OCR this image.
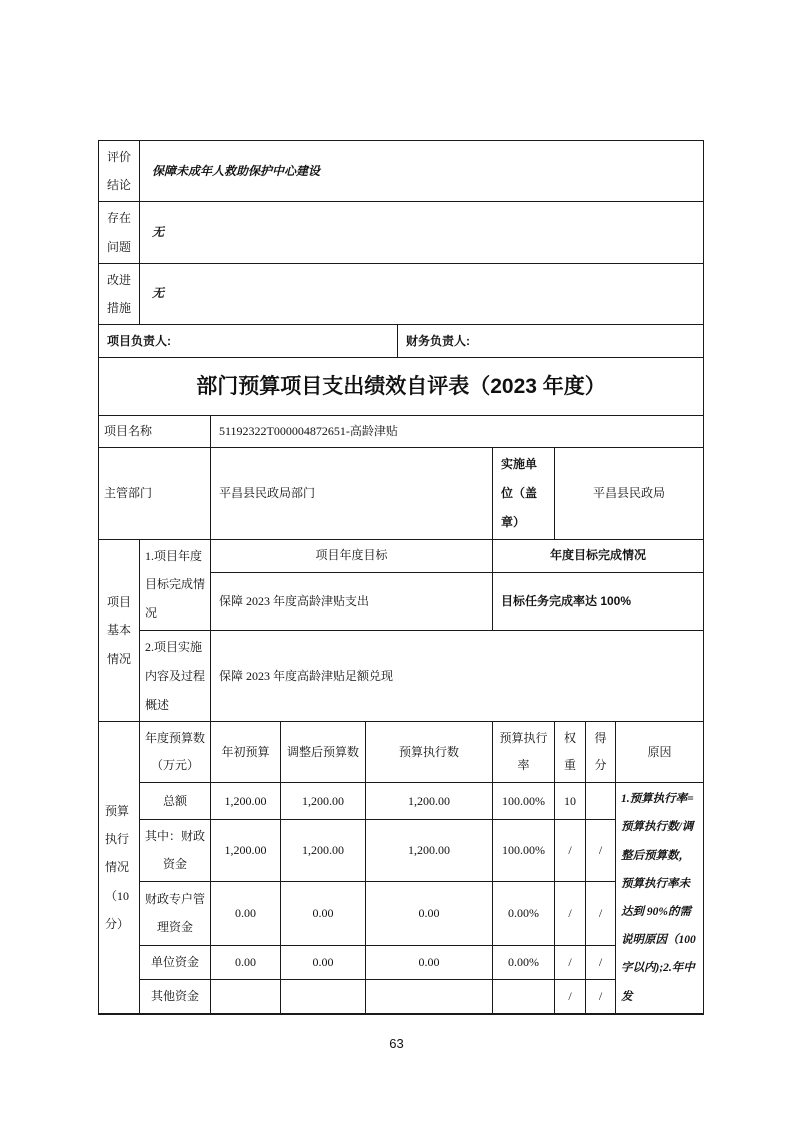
评价结论	保障未成年人救助保护中心建设	
存在问题	无	
改进措施	无	
项目负责人:		财务负责人:
部门预算项目支出绩效自评表（2023 年度）				
项目名称		51192322T000004872651-高龄津贴		
主管部门		平昌县民政局部门	实施单位（盖章）	平昌县民政局
项目基本情况	1.项目年度目标完成情况	项目年度目标	年度目标完成情况	
		保障 2023 年度高龄津贴支出	目标任务完成率达 100%	
	2.项目实施内容及过程概述	保障 2023 年度高龄津贴足额兑现		
预算执行情况（10 分）	年度预算数（万元）	年初预算	调整后预算数	预算执行数	预算执行率	权重	得分	原因
	总额	1,200.00	1,200.00	1,200.00	100.00%	10		1.预算执行率=预算执行数/调整后预算数，预算执行率未达到 90%的需说明原因（100 字以内);2.年中发
	其中：财政资金	1,200.00	1,200.00	1,200.00	100.00%	/	/	
	财政专户管理资金	0.00	0.00	0.00	0.00%	/	/	
	单位资金	0.00	0.00	0.00	0.00%	/	/	
	其他资金					/	/	
63
